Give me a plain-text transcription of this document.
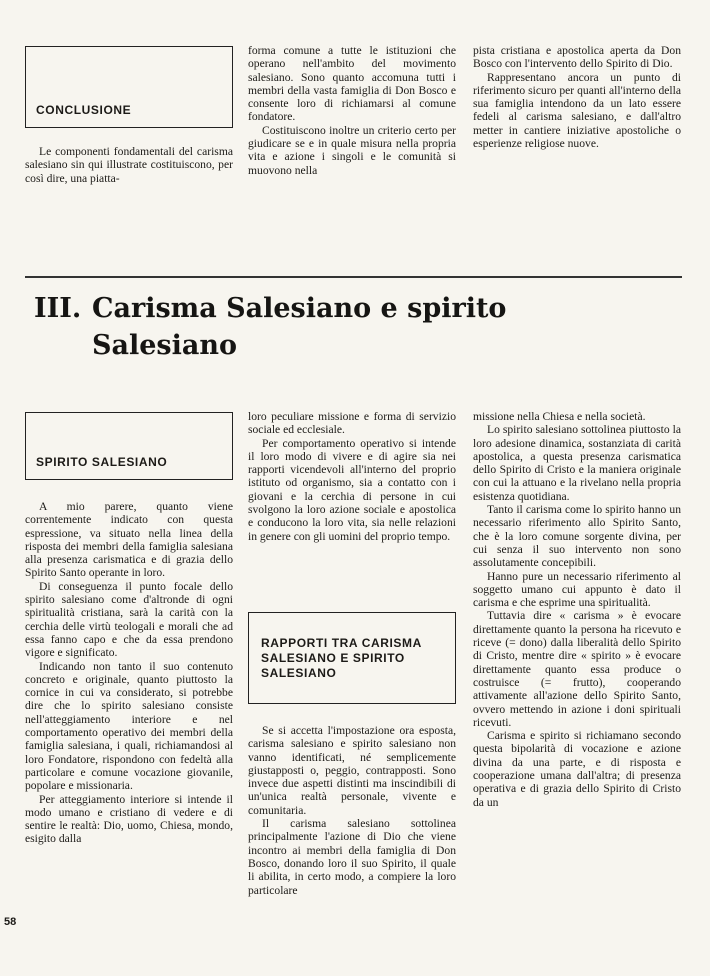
CONCLUSIONE

Le componenti fondamentali del carisma salesiano sin qui illustrate costituiscono, per così dire, una piatta-

forma comune a tutte le istituzioni che operano nell'ambito del movimento salesiano. Sono quanto accomuna tutti i membri della vasta famiglia di Don Bosco e consente loro di richiamarsi al comune fondatore.

Costituiscono inoltre un criterio certo per giudicare se e in quale misura nella propria vita e azione i singoli e le comunità si muovono nella

pista cristiana e apostolica aperta da Don Bosco con l'intervento dello Spirito di Dio.

Rappresentano ancora un punto di riferimento sicuro per quanti all'interno della sua famiglia intendono da un lato essere fedeli al carisma salesiano, e dall'altro metter in cantiere iniziative apostoliche o esperienze religiose nuove.

III. Carisma Salesiano e spirito
Salesiano
SPIRITO SALESIANO

A mio parere, quanto viene correntemente indicato con questa espressione, va situato nella linea della risposta dei membri della famiglia salesiana alla presenza carismatica e di grazia dello Spirito Santo operante in loro.

Di conseguenza il punto focale dello spirito salesiano come d'altronde di ogni spiritualità cristiana, sarà la carità con la cerchia delle virtù teologali e morali che ad essa fanno capo e che da essa prendono vigore e significato.

Indicando non tanto il suo contenuto concreto e originale, quanto piuttosto la cornice in cui va considerato, si potrebbe dire che lo spirito salesiano consiste nell'atteggiamento interiore e nel comportamento operativo dei membri della famiglia salesiana, i quali, richiamandosi al loro Fondatore, rispondono con fedeltà alla particolare e comune vocazione giovanile, popolare e missionaria.

Per atteggiamento interiore si intende il modo umano e cristiano di vedere e di sentire le realtà: Dio, uomo, Chiesa, mondo, esigito dalla

loro peculiare missione e forma di servizio sociale ed ecclesiale.

Per comportamento operativo si intende il loro modo di vivere e di agire sia nei rapporti vicendevoli all'interno del proprio istituto od organismo, sia a contatto con i giovani e la cerchia di persone in cui svolgono la loro azione sociale e apostolica e conducono la loro vita, sia nelle relazioni in genere con gli uomini del proprio tempo.

RAPPORTI TRA CARISMA SALESIANO E SPIRITO SALESIANO

Se si accetta l'impostazione ora esposta, carisma salesiano e spirito salesiano non vanno identificati, né semplicemente giustapposti o, peggio, contrapposti. Sono invece due aspetti distinti ma inscindibili di un'unica realtà personale, vivente e comunitaria.

Il carisma salesiano sottolinea principalmente l'azione di Dio che viene incontro ai membri della famiglia di Don Bosco, donando loro il suo Spirito, il quale li abilita, in certo modo, a compiere la loro particolare

missione nella Chiesa e nella società.

Lo spirito salesiano sottolinea piuttosto la loro adesione dinamica, sostanziata di carità apostolica, a questa presenza carismatica dello Spirito di Cristo e la maniera originale con cui la attuano e la rivelano nella propria esistenza quotidiana.

Tanto il carisma come lo spirito hanno un necessario riferimento allo Spirito Santo, che è la loro comune sorgente divina, per cui senza il suo intervento non sono assolutamente concepibili.

Hanno pure un necessario riferimento al soggetto umano cui appunto è dato il carisma e che esprime una spiritualità.

Tuttavia dire « carisma » è evocare direttamente quanto la persona ha ricevuto e riceve (= dono) dalla liberalità dello Spirito di Cristo, mentre dire « spirito » è evocare direttamente quanto essa produce o costruisce (= frutto), cooperando attivamente all'azione dello Spirito Santo, ovvero mettendo in azione i doni spirituali ricevuti.

Carisma e spirito si richiamano secondo questa bipolarità di vocazione e azione divina da una parte, e di risposta e cooperazione umana dall'altra; di presenza operativa e di grazia dello Spirito di Cristo da un

58
